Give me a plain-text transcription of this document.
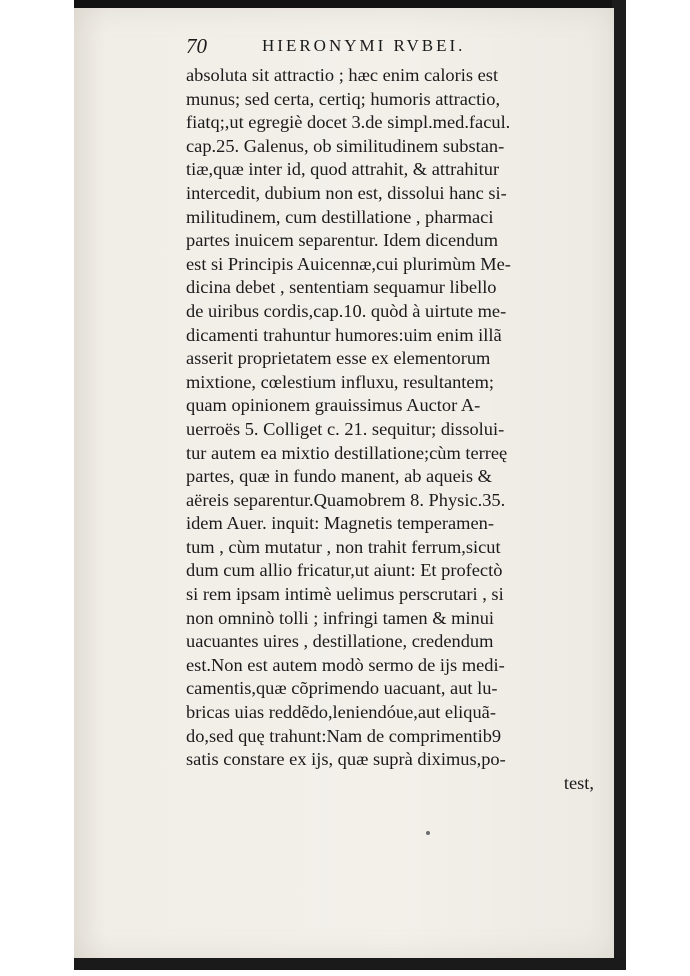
70	HIERONYMI RVBEI.
absoluta sit attractio ; hæc enim caloris est
munus; sed certa, certiq; humoris attractio,
fiatq;,ut egregiè docet 3.de simpl.med.facul.
cap.25. Galenus, ob similitudinem substan-
tiæ,quæ inter id, quod attrahit, & attrahitur
intercedit, dubium non est, dissolui hanc si-
militudinem, cum destillatione , pharmaci
partes inuicem separentur. Idem dicendum
est si Principis Auicennæ,cui plurimùm Me-
dicina debet , sententiam sequamur libello
de uiribus cordis,cap.10. quòd à uirtute me-
dicamenti trahuntur humores:uim enim illã
asserit proprietatem esse ex elementorum
mixtione, cœlestium influxu, resultantem;
quam opinionem grauissimus Auctor A-
uerroës 5. Colliget c. 21. sequitur; dissolui-
tur autem ea mixtio destillatione;cùm terreę
partes, quæ in fundo manent, ab aqueis &
aëreis separentur.Quamobrem 8. Physic.35.
idem Auer. inquit: Magnetis temperamen-
tum , cùm mutatur , non trahit ferrum,sicut
dum cum allio fricatur,ut aiunt: Et profectò
si rem ipsam intimè uelimus perscrutari , si
non omninò tolli ; infringi tamen & minui
uacuantes uires , destillatione, credendum
est.Non est autem modò sermo de ijs medi-
camentis,quæ cõprimendo uacuant, aut lu-
bricas uias reddẽdo,leniendóue,aut eliquã-
do,sed quę trahunt:Nam de comprimentib9
satis constare ex ijs, quæ suprà diximus,po-
test,
